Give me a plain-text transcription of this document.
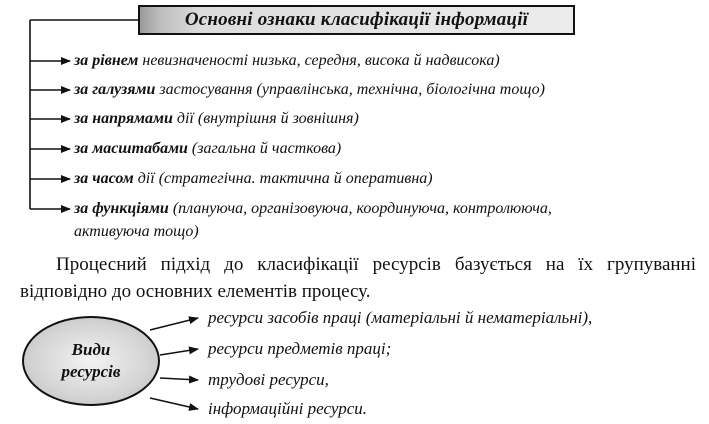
Основні ознаки класифікації інформації
за рівнем невизначеності низька, середня, висока й надвисока)
за галузями застосування (управлінська, технічна, біологічна тощо)
за напрямами дії (внутрішня й зовнішня)
за масштабами (загальна й часткова)
за часом дії (стратегічна. тактична й оперативна)
за функціями (плануюча, організовуюча, координуюча, контролююча,
активуюча тощо)
Процесний підхід до класифікації ресурсів базується на їх групуванні відповідно до основних елементів процесу.
Види
ресурсів
ресурси засобів праці (матеріальні й нематеріальні),
ресурси предметів праці;
трудові ресурси,
інформаційні ресурси.
